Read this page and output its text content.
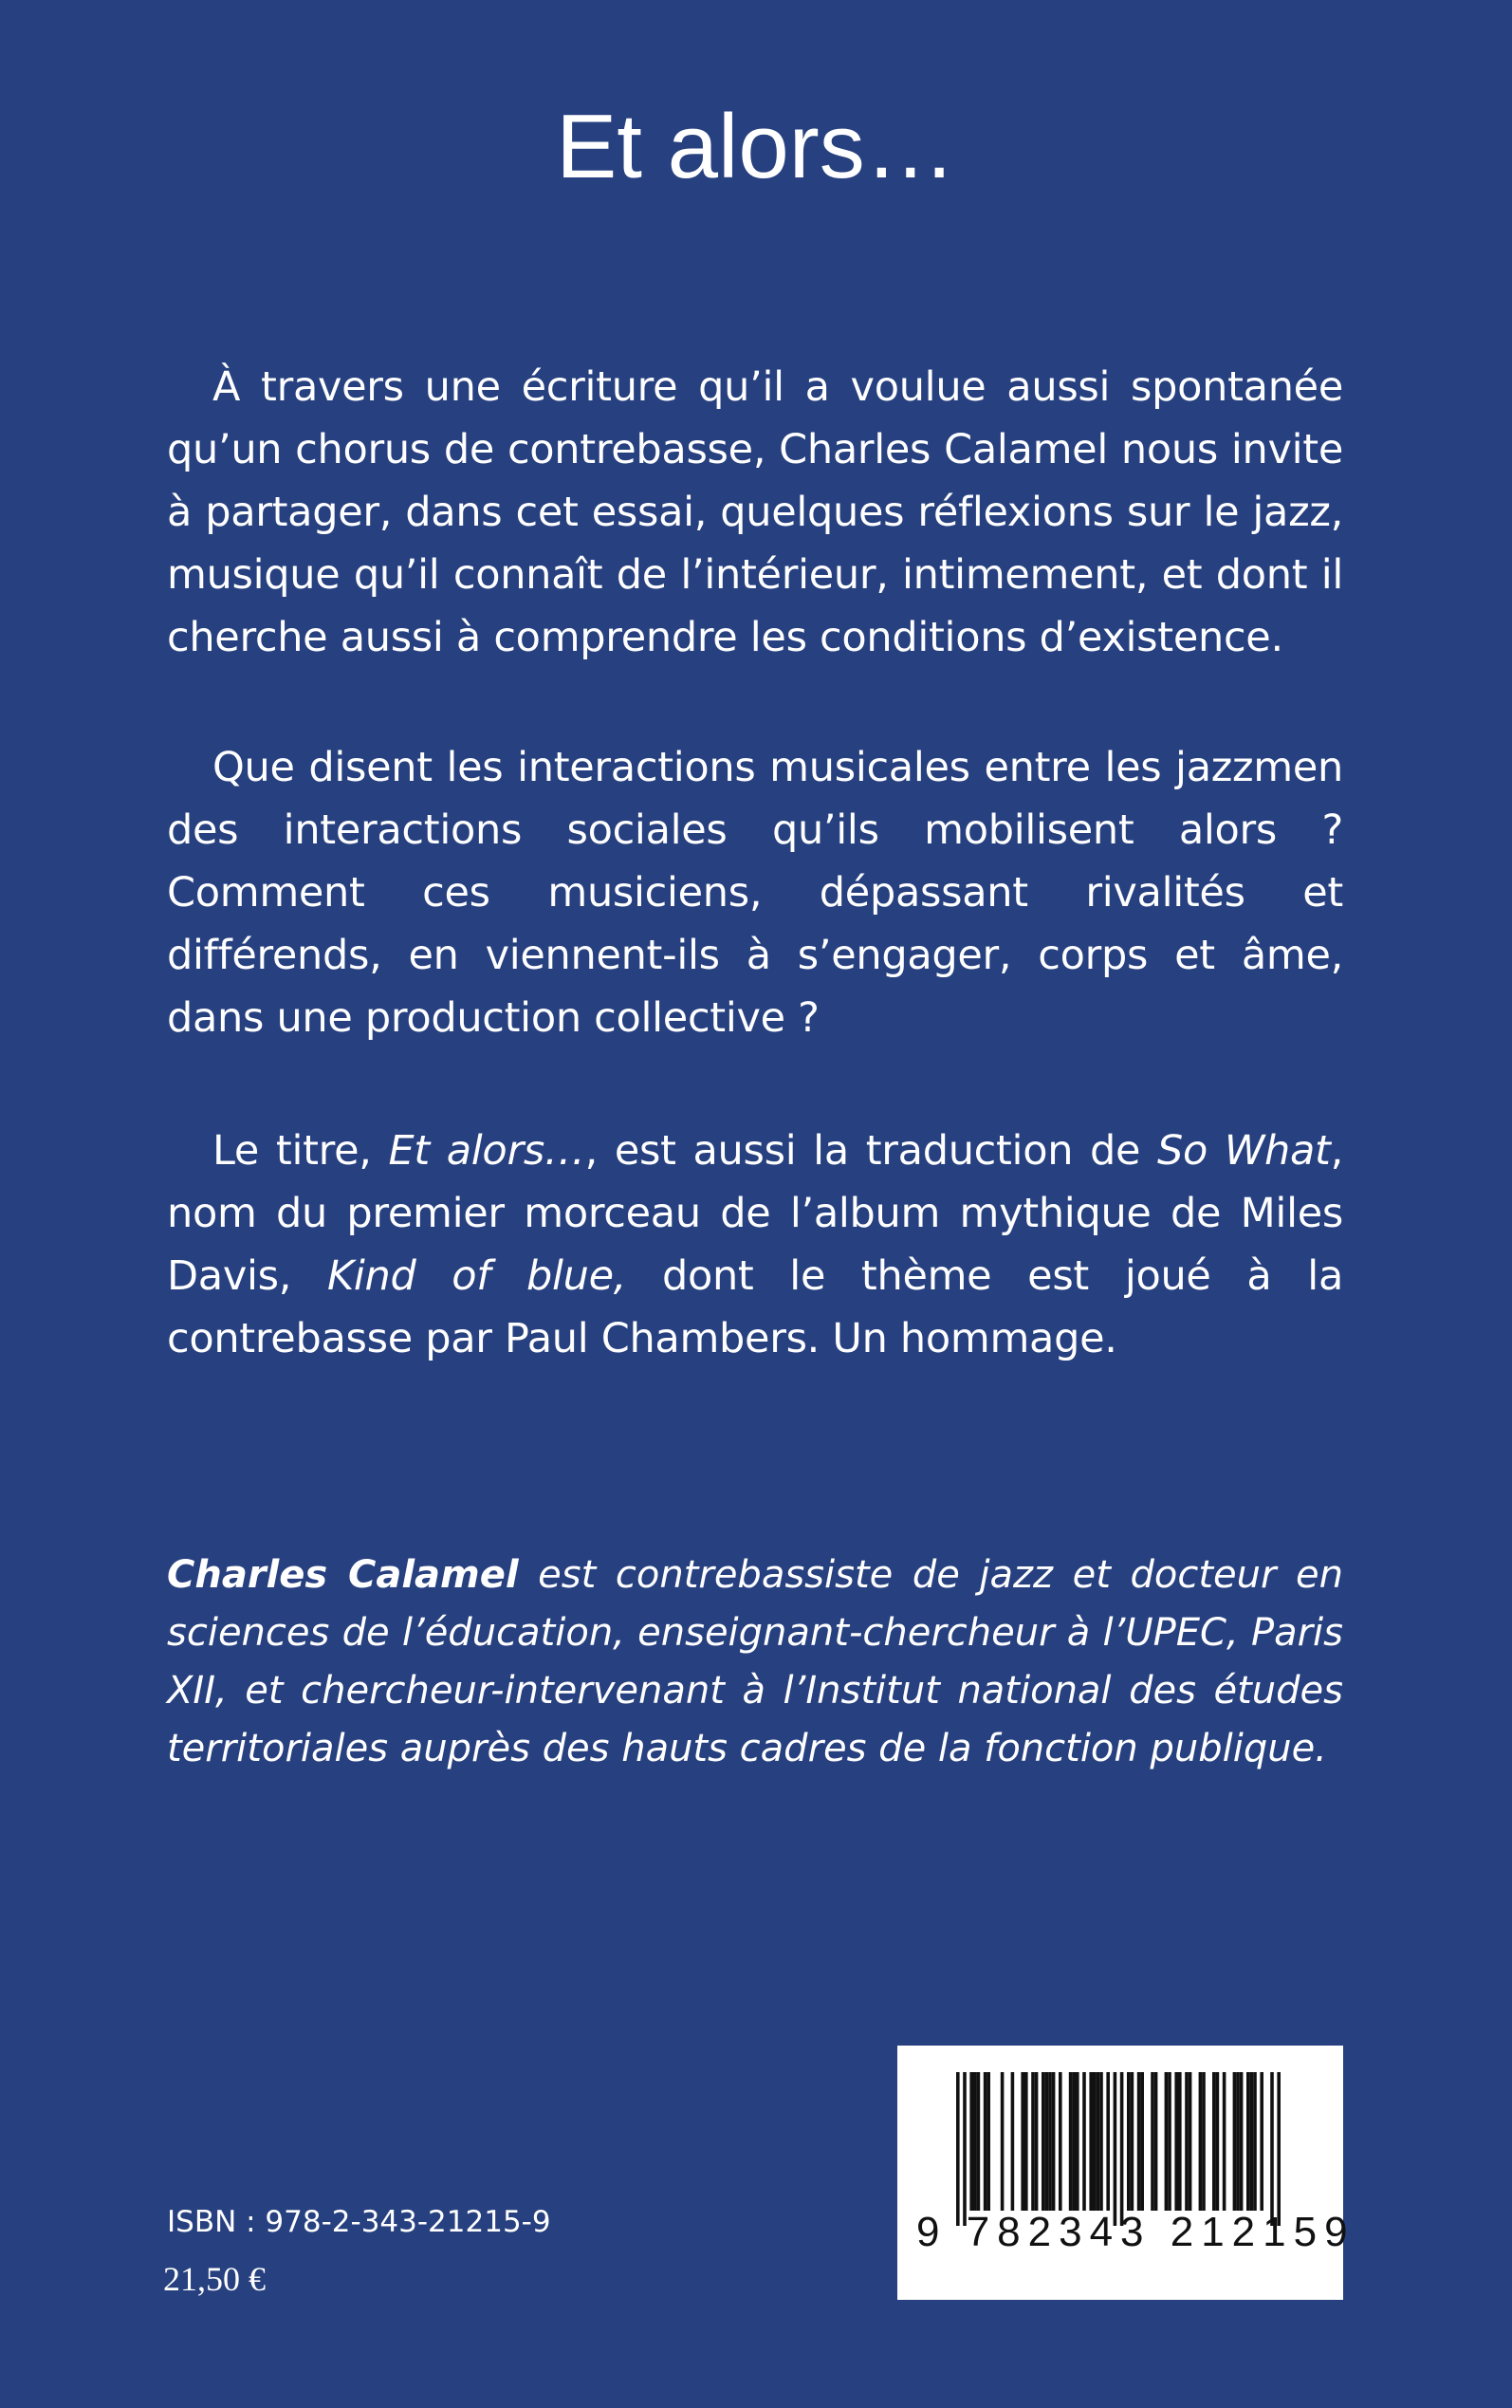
Et alors…

À travers une écriture qu’il a voulue aussi spontanée qu’un chorus de contrebasse, Charles Calamel nous invite à partager, dans cet essai, quelques réflexions sur le jazz, musique qu’il connaît de l’intérieur, intimement, et dont il cherche aussi à comprendre les conditions d’existence.

Que disent les interactions musicales entre les jazzmen des interactions sociales qu’ils mobilisent alors ? Comment ces musiciens, dépassant rivalités et différends, en viennent-ils à s’engager, corps et âme, dans une production collective ?

Le titre, Et alors…, est aussi la traduction de So What, nom du premier morceau de l’album mythique de Miles Davis, Kind of blue, dont le thème est joué à la contrebasse par Paul Chambers. Un hommage.

Charles Calamel est contrebassiste de jazz et docteur en sciences de l’éducation, enseignant-chercheur à l’UPEC, Paris XII, et chercheur-intervenant à l’Institut national des études territoriales auprès des hauts cadres de la fonction publique.

ISBN : 978-2-343-21215-9
21,50 €
9 782343 212159
